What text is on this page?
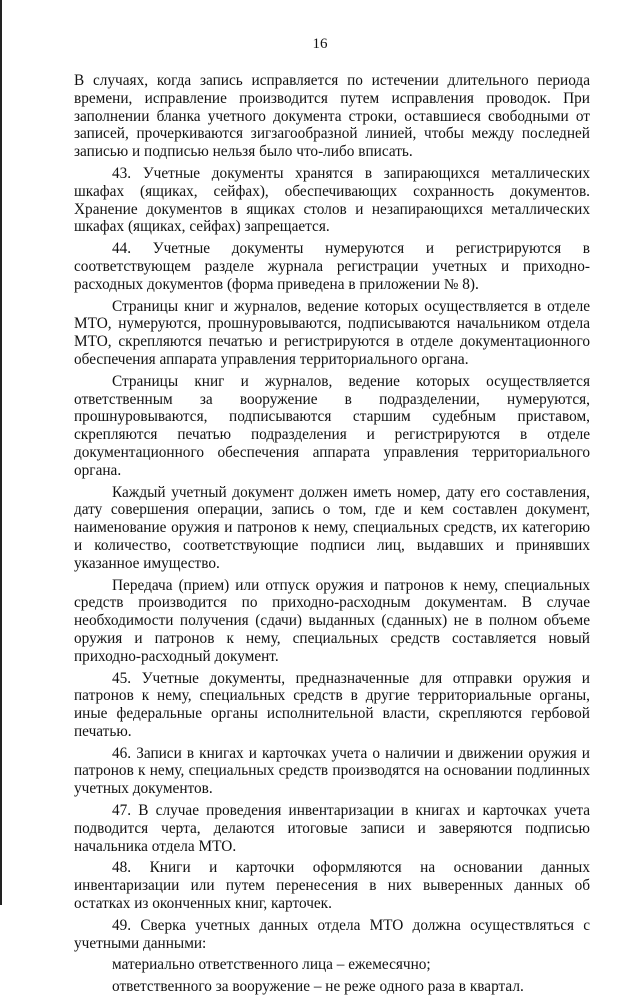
16

В случаях, когда запись исправляется по истечении длительного периода времени, исправление производится путем исправления проводок. При заполнении бланка учетного документа строки, оставшиеся свободными от записей, прочеркиваются зигзагообразной линией, чтобы между последней записью и подписью нельзя было что-либо вписать.

43. Учетные документы хранятся в запирающихся металлических шкафах (ящиках, сейфах), обеспечивающих сохранность документов. Хранение документов в ящиках столов и незапирающихся металлических шкафах (ящиках, сейфах) запрещается.

44. Учетные документы нумеруются и регистрируются в соответствующем разделе журнала регистрации учетных и приходно-расходных документов (форма приведена в приложении № 8).

Страницы книг и журналов, ведение которых осуществляется в отделе МТО, нумеруются, прошнуровываются, подписываются начальником отдела МТО, скрепляются печатью и регистрируются в отделе документационного обеспечения аппарата управления территориального органа.

Страницы книг и журналов, ведение которых осуществляется ответственным за вооружение в подразделении, нумеруются, прошнуровываются, подписываются старшим судебным приставом, скрепляются печатью подразделения и регистрируются в отделе документационного обеспечения аппарата управления территориального органа.

Каждый учетный документ должен иметь номер, дату его составления, дату совершения операции, запись о том, где и кем составлен документ, наименование оружия и патронов к нему, специальных средств, их категорию и количество, соответствующие подписи лиц, выдавших и принявших указанное имущество.

Передача (прием) или отпуск оружия и патронов к нему, специальных средств производится по приходно-расходным документам. В случае необходимости получения (сдачи) выданных (сданных) не в полном объеме оружия и патронов к нему, специальных средств составляется новый приходно-расходный документ.

45. Учетные документы, предназначенные для отправки оружия и патронов к нему, специальных средств в другие территориальные органы, иные федеральные органы исполнительной власти, скрепляются гербовой печатью.

46. Записи в книгах и карточках учета о наличии и движении оружия и патронов к нему, специальных средств производятся на основании подлинных учетных документов.

47. В случае проведения инвентаризации в книгах и карточках учета подводится черта, делаются итоговые записи и заверяются подписью начальника отдела МТО.

48. Книги и карточки оформляются на основании данных инвентаризации или путем перенесения в них выверенных данных об остатках из оконченных книг, карточек.

49. Сверка учетных данных отдела МТО должна осуществляться с учетными данными:

материально ответственного лица – ежемесячно;

ответственного за вооружение – не реже одного раза в квартал.
